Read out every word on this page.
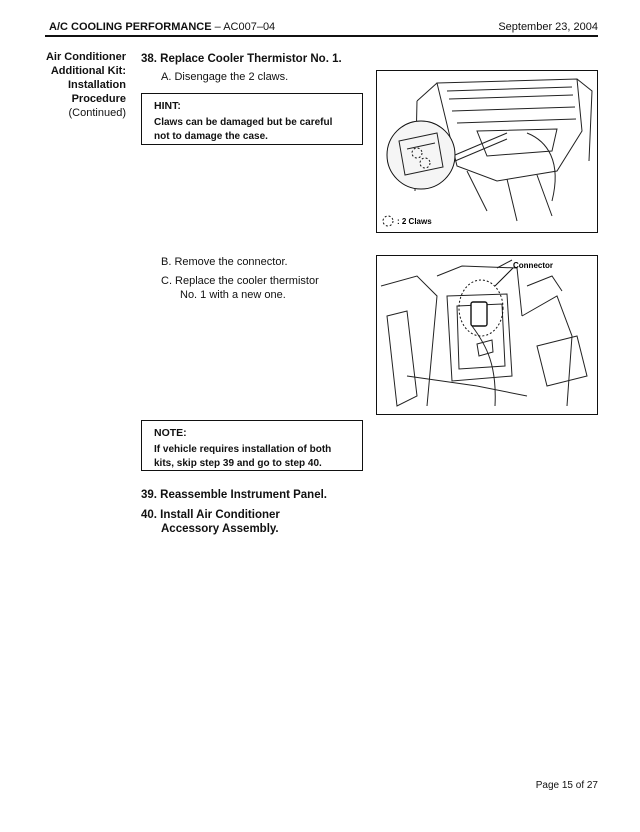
A/C COOLING PERFORMANCE – AC007–04	September 23, 2004
Air Conditioner
Additional Kit:
Installation
Procedure
(Continued)
38. Replace Cooler Thermistor No. 1.
A. Disengage the 2 claws.
HINT:
Claws can be damaged but be careful
not to damage the case.
: 2 Claws
B. Remove the connector.
C. Replace the cooler thermistor
No. 1 with a new one.
Connector
NOTE:
If vehicle requires installation of both
kits, skip step 39 and go to step 40.
39. Reassemble Instrument Panel.
40. Install Air Conditioner
Accessory Assembly.
Page 15 of 27
